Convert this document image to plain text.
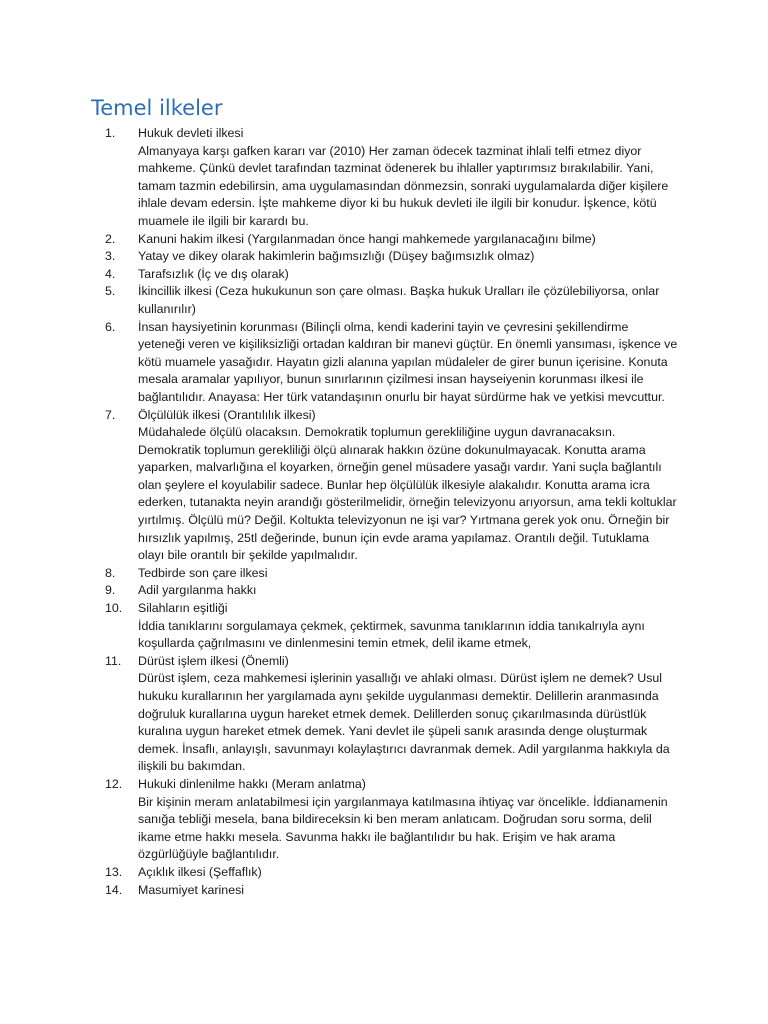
Temel ilkeler
1.	Hukuk devleti ilkesi
Almanyaya karşı gafken kararı var (2010) Her zaman ödecek tazminat ihlali telfi etmez diyor mahkeme. Çünkü devlet tarafından tazminat ödenerek bu ihlaller yaptırımsız bırakılabilir. Yani, tamam tazmin edebilirsin, ama uygulamasından dönmezsin, sonraki uygulamalarda diğer kişilere ihlale devam edersin. İşte mahkeme diyor ki bu hukuk devleti ile ilgili bir konudur. İşkence, kötü muamele ile ilgili bir karardı bu.
2.	Kanuni hakim ilkesi (Yargılanmadan önce hangi mahkemede yargılanacağını bilme)
3.	Yatay ve dikey olarak hakimlerin bağımsızlığı (Düşey bağımsızlık olmaz)
4.	Tarafsızlık (İç ve dış olarak)
5.	İkincillik ilkesi (Ceza hukukunun son çare olması. Başka hukuk Uralları ile çözülebiliyorsa, onlar kullanırılır)
6.	İnsan haysiyetinin korunması (Bilinçli olma, kendi kaderini tayin ve çevresini şekillendirme yeteneği veren ve kişiliksizliği ortadan kaldıran bir manevi güçtür. En önemli yansıması, işkence ve kötü muamele yasağıdır. Hayatın gizli alanına yapılan müdaleler de girer bunun içerisine. Konuta mesala aramalar yapılıyor, bunun sınırlarının çizilmesi insan hayseiyenin korunması ilkesi ile bağlantılıdır. Anayasa: Her türk vatandaşının onurlu bir hayat sürdürme hak ve yetkisi mevcuttur.
7.	Ölçülülük ilkesi (Orantılılık ilkesi)
Müdahalede ölçülü olacaksın. Demokratik toplumun gerekliliğine uygun davranacaksın. Demokratik toplumun gerekliliği ölçü alınarak hakkın özüne dokunulmayacak. Konutta arama yaparken, malvarlığına el koyarken, örneğin genel müsadere yasağı vardır. Yani suçla bağlantılı olan şeylere el koyulabilir sadece. Bunlar hep ölçülülük ilkesiyle alakalıdır. Konutta arama icra ederken, tutanakta neyin arandığı gösterilmelidir, örneğin televizyonu arıyorsun, ama tekli koltuklar yırtılmış. Ölçülü mü? Değil. Koltukta televizyonun ne işi var? Yırtmana gerek yok onu. Örneğin bir hırsızlık yapılmış, 25tl değerinde, bunun için evde arama yapılamaz. Orantılı değil. Tutuklama olayı bile orantılı bir şekilde yapılmalıdır.
8.	Tedbirde son çare ilkesi
9.	Adil yargılanma hakkı
10.	Silahların eşitliği
İddia tanıklarını sorgulamaya çekmek, çektirmek, savunma tanıklarının iddia tanıkalrıyla aynı koşullarda çağrılmasını ve dinlenmesini temin etmek, delil ikame etmek,
11.	Dürüst işlem ilkesi (Önemli)
Dürüst işlem, ceza mahkemesi işlerinin yasallığı ve ahlaki olması. Dürüst işlem ne demek? Usul hukuku kurallarının her yargılamada aynı şekilde uygulanması demektir. Delillerin aranmasında doğruluk kurallarına uygun hareket etmek demek. Delillerden sonuç çıkarılmasında dürüstlük kuralına uygun hareket etmek demek. Yani devlet ile şüpeli sanık arasında denge oluşturmak demek. İnsaflı, anlayışlı, savunmayı kolaylaştırıcı davranmak demek. Adil yargılanma hakkıyla da ilişkili bu bakımdan.
12.	Hukuki dinlenilme hakkı (Meram anlatma)
Bir kişinin meram anlatabilmesi için yargılanmaya katılmasına ihtiyaç var öncelikle. İddianamenin sanığa tebliği mesela, bana bildireceksin ki ben meram anlatıcam. Doğrudan soru sorma, delil ikame etme hakkı mesela. Savunma hakkı ile bağlantılıdır bu hak. Erişim ve hak arama özgürlüğüyle bağlantılıdır.
13.	Açıklık ilkesi (Şeffaflık)
14.	Masumiyet karinesi
